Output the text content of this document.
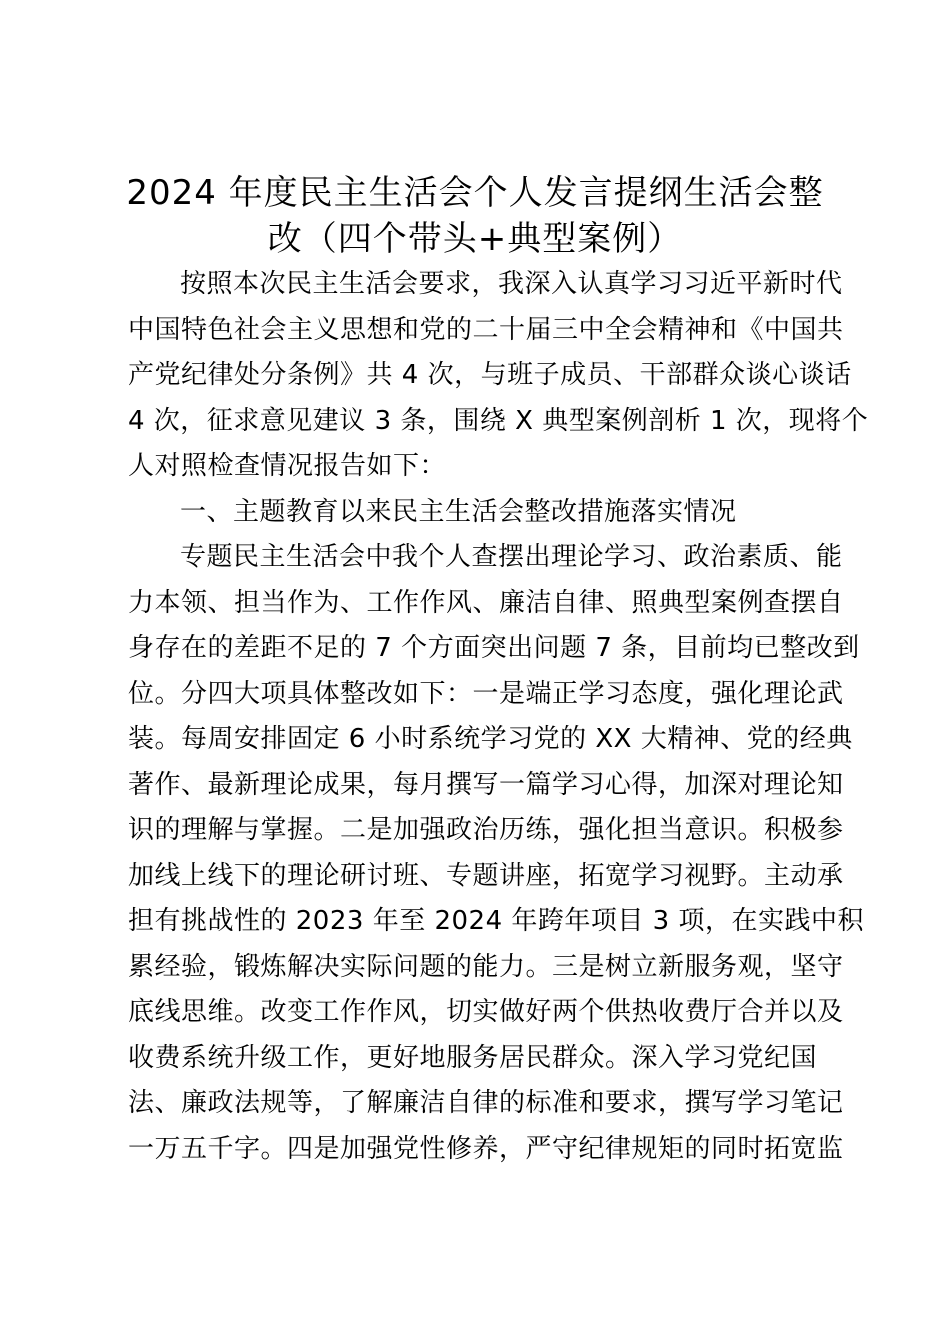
2024 年度民主生活会个人发言提纲生活会整
改（四个带头+典型案例）
按照本次民主生活会要求，我深入认真学习习近平新时代
中国特色社会主义思想和党的二十届三中全会精神和《中国共
产党纪律处分条例》共 4 次，与班子成员、干部群众谈心谈话
4 次，征求意见建议 3 条，围绕 X 典型案例剖析 1 次，现将个
人对照检查情况报告如下：
一、主题教育以来民主生活会整改措施落实情况
专题民主生活会中我个人查摆出理论学习、政治素质、能
力本领、担当作为、工作作风、廉洁自律、照典型案例查摆自
身存在的差距不足的 7 个方面突出问题 7 条，目前均已整改到
位。分四大项具体整改如下：一是端正学习态度，强化理论武
装。每周安排固定 6 小时系统学习党的 XX 大精神、党的经典
著作、最新理论成果，每月撰写一篇学习心得，加深对理论知
识的理解与掌握。二是加强政治历练，强化担当意识。积极参
加线上线下的理论研讨班、专题讲座，拓宽学习视野。主动承
担有挑战性的 2023 年至 2024 年跨年项目 3 项，在实践中积
累经验，锻炼解决实际问题的能力。三是树立新服务观，坚守
底线思维。改变工作作风，切实做好两个供热收费厅合并以及
收费系统升级工作，更好地服务居民群众。深入学习党纪国
法、廉政法规等，了解廉洁自律的标准和要求，撰写学习笔记
一万五千字。四是加强党性修养，严守纪律规矩的同时拓宽监
